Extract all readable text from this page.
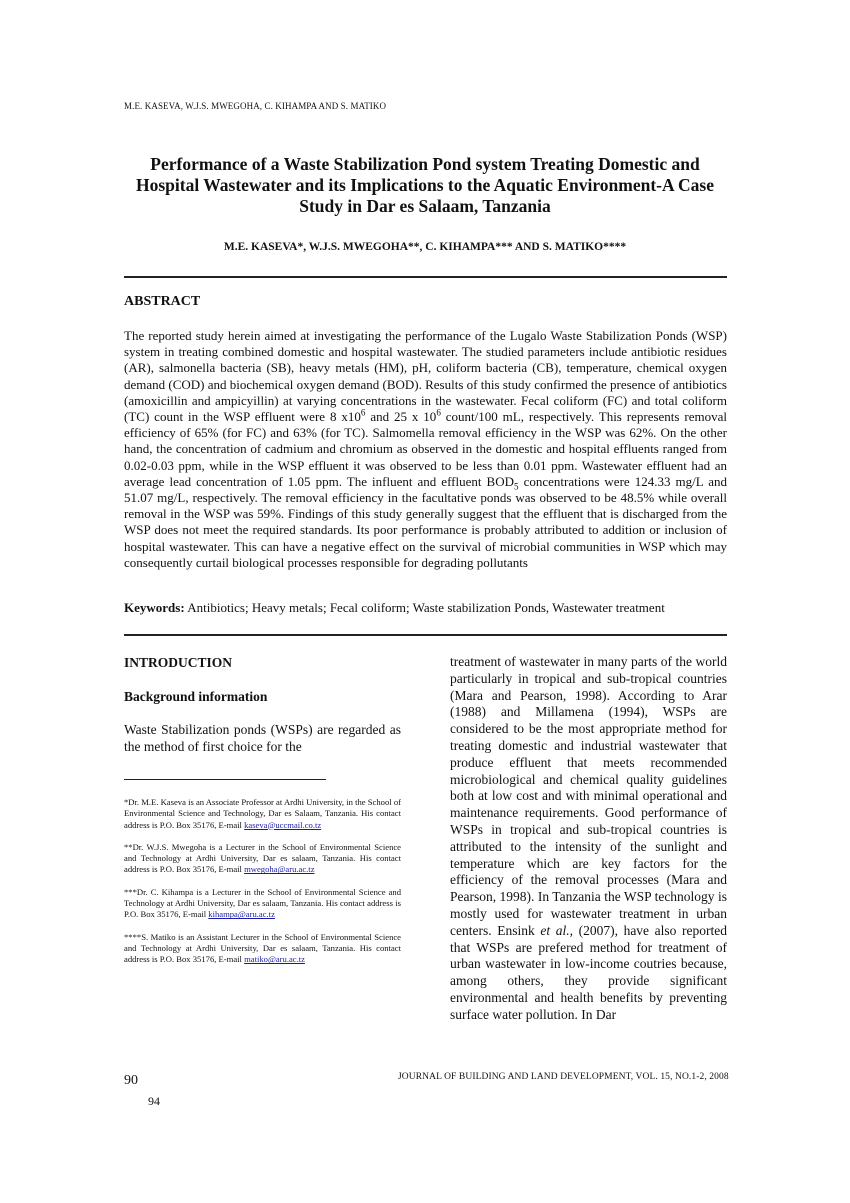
M.E. KASEVA, W.J.S. MWEGOHA, C. KIHAMPA AND S. MATIKO
Performance of a Waste Stabilization Pond system Treating Domestic and Hospital Wastewater and its Implications to the Aquatic Environment-A Case Study in Dar es Salaam, Tanzania
M.E. KASEVA*, W.J.S. MWEGOHA**, C. KIHAMPA*** AND S. MATIKO****
ABSTRACT

The reported study herein aimed at investigating the performance of the Lugalo Waste Stabilization Ponds (WSP) system in treating combined domestic and hospital wastewater. The studied parameters include antibiotic residues (AR), salmonella bacteria (SB), heavy metals (HM), pH, coliform bacteria (CB), temperature, chemical oxygen demand (COD) and biochemical oxygen demand (BOD). Results of this study confirmed the presence of antibiotics (amoxicillin and ampicyillin) at varying concentrations in the wastewater. Fecal coliform (FC) and total coliform (TC) count in the WSP effluent were 8 $x10^6$ and 25 x $10^6$ count/100 mL, respectively. This represents removal efficiency of 65% (for FC) and 63% (for TC). Salmomella removal efficiency in the WSP was 62%. On the other hand, the concentration of cadmium and chromium as observed in the domestic and hospital effluents ranged from 0.02-0.03 ppm, while in the WSP effluent it was observed to be less than 0.01 ppm. Wastewater effluent had an average lead concentration of 1.05 ppm. The influent and effluent $BOD_5$ concentrations were 124.33 mg/L and 51.07 mg/L, respectively. The removal efficiency in the facultative ponds was observed to be 48.5% while overall removal in the WSP was 59%. Findings of this study generally suggest that the effluent that is discharged from the WSP does not meet the required standards. Its poor performance is probably attributed to addition or inclusion of hospital wastewater. This can have a negative effect on the survival of microbial communities in WSP which may consequently curtail biological processes responsible for degrading pollutants

Keywords: Antibiotics; Heavy metals; Fecal coliform; Waste stabilization Ponds, Wastewater treatment
INTRODUCTION
Background information
Waste Stabilization ponds (WSPs) are regarded as the method of first choice for the

*Dr. M.E. Kaseva is an Associate Professor at Ardhi University, in the School of Environmental Science and Technology, Dar es Salaam, Tanzania. His contact address is P.O. Box 35176, E-mail kaseva@uccmail.co.tz

**Dr. W.J.S. Mwegoha is a Lecturer in the School of Environmental Science and Technology at Ardhi University, Dar es salaam, Tanzania. His contact address is P.O. Box 35176, E-mail mwegoha@aru.ac.tz

***Dr. C. Kihampa is a Lecturer in the School of Environmental Science and Technology at Ardhi University, Dar es salaam, Tanzania. His contact address is P.O. Box 35176, E-mail kihampa@aru.ac.tz

****S. Matiko is an Assistant Lecturer in the School of Environmental Science and Technology at Ardhi University, Dar es salaam, Tanzania. His contact address is P.O. Box 35176, E-mail matiko@aru.ac.tz

treatment of wastewater in many parts of the world particularly in tropical and sub-tropical countries (Mara and Pearson, 1998). According to Arar (1988) and Millamena (1994), WSPs are considered to be the most appropriate method for treating domestic and industrial wastewater that produce effluent that meets recommended microbiological and chemical quality guidelines both at low cost and with minimal operational and maintenance requirements. Good performance of WSPs in tropical and sub-tropical countries is attributed to the intensity of the sunlight and temperature which are key factors for the efficiency of the removal processes (Mara and Pearson, 1998). In Tanzania the WSP technology is mostly used for wastewater treatment in urban centers. Ensink et al., (2007), have also reported that WSPs are prefered method for treatment of urban wastewater in low-income coutries because, among others, they provide significant environmental and health benefits by preventing surface water pollution. In Dar
90	JOURNAL OF BUILDING AND LAND DEVELOPMENT, VOL. 15, NO.1-2, 2008
94
